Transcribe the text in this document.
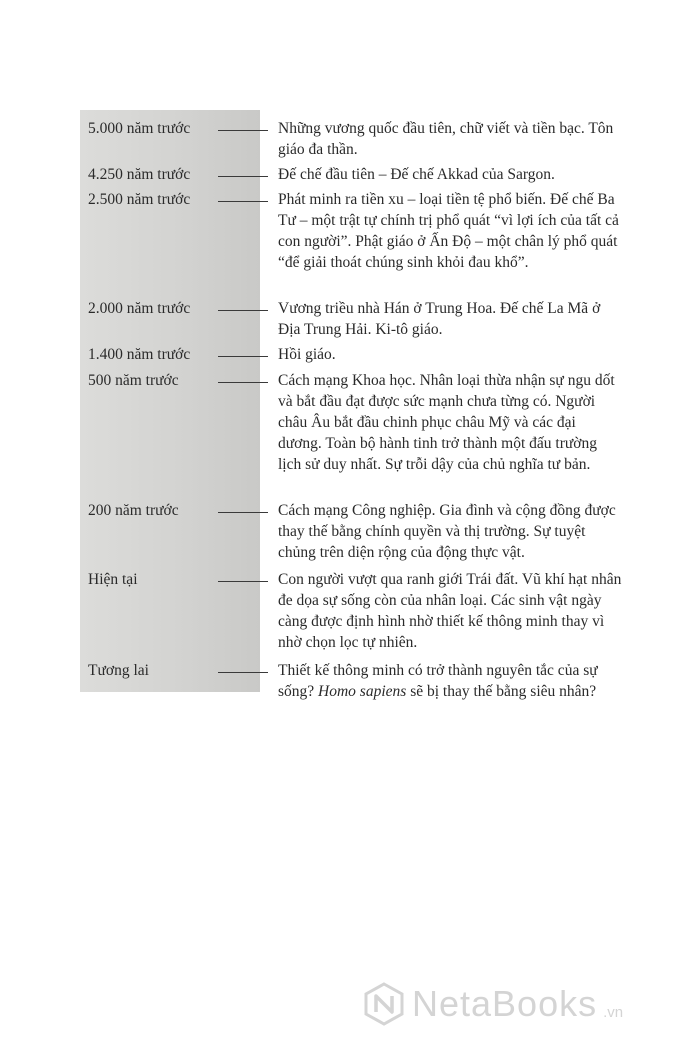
5.000 năm trước	Những vương quốc đầu tiên, chữ viết và tiền bạc. Tôn giáo đa thần.
4.250 năm trước	Đế chế đầu tiên – Đế chế Akkad của Sargon.
2.500 năm trước	Phát minh ra tiền xu – loại tiền tệ phổ biến. Đế chế Ba Tư – một trật tự chính trị phổ quát “vì lợi ích của tất cả con người”. Phật giáo ở Ấn Độ – một chân lý phổ quát “để giải thoát chúng sinh khỏi đau khổ”.
2.000 năm trước	Vương triều nhà Hán ở Trung Hoa. Đế chế La Mã ở Địa Trung Hải. Ki-tô giáo.
1.400 năm trước	Hồi giáo.
500 năm trước	Cách mạng Khoa học. Nhân loại thừa nhận sự ngu dốt và bắt đầu đạt được sức mạnh chưa từng có. Người châu Âu bắt đầu chinh phục châu Mỹ và các đại dương. Toàn bộ hành tinh trở thành một đấu trường lịch sử duy nhất. Sự trỗi dậy của chủ nghĩa tư bản.
200 năm trước	Cách mạng Công nghiệp. Gia đình và cộng đồng được thay thế bằng chính quyền và thị trường. Sự tuyệt chủng trên diện rộng của động thực vật.
Hiện tại	Con người vượt qua ranh giới Trái đất. Vũ khí hạt nhân đe dọa sự sống còn của nhân loại. Các sinh vật ngày càng được định hình nhờ thiết kế thông minh thay vì nhờ chọn lọc tự nhiên.
Tương lai	Thiết kế thông minh có trở thành nguyên tắc của sự sống? Homo sapiens sẽ bị thay thế bằng siêu nhân?
NetaBooks .vn
